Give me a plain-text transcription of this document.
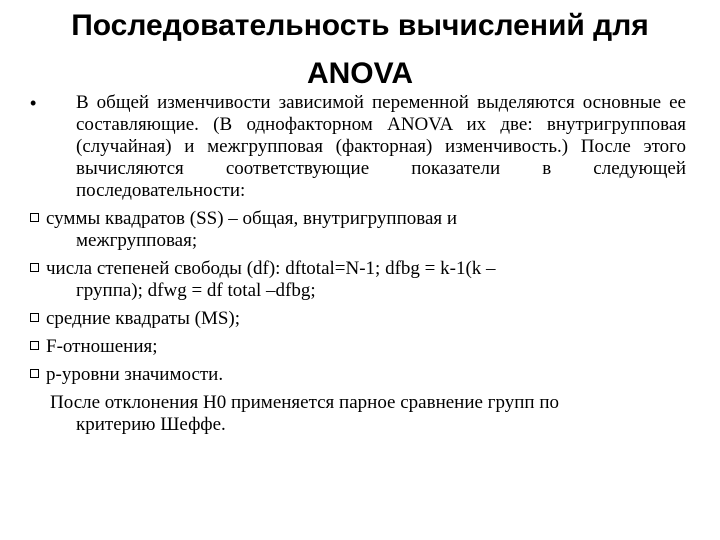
Последовательность вычислений для
ANOVA
• В общей изменчивости зависимой переменной выделяются основные ее составляющие. (В однофакторном ANOVA их две: внутригрупповая (случайная) и межгрупповая (факторная) изменчивость.) После этого вычисляются соответствующие показатели в следующей последовательности:
суммы квадратов (SS) – общая, внутригрупповая и
межгрупповая;
числа степеней свободы (df): dftotal=N-1; dfbg = k-1(k –
группа); dfwg = df total –dfbg;
средние квадраты (MS);
F-отношения;
р-уровни значимости.
После отклонения Н0 применяется парное сравнение групп по
критерию Шеффе.
